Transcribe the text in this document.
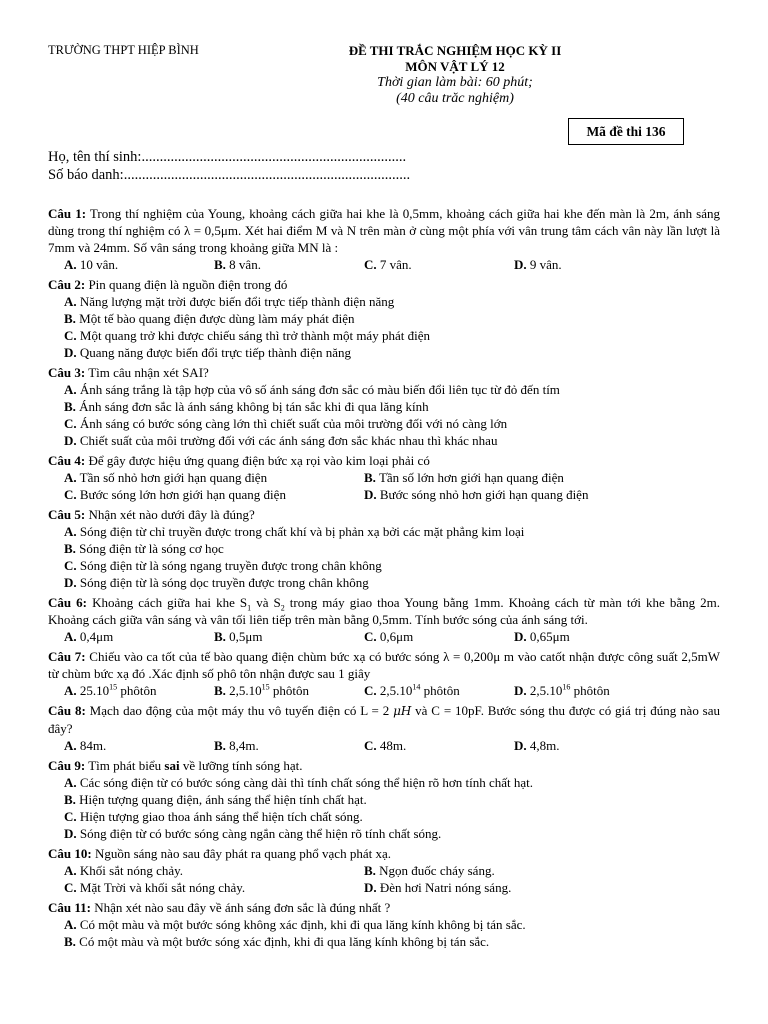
TRƯỜNG THPT HIỆP BÌNH	ĐỀ THI TRẮC NGHIỆM HỌC KỲ II
MÔN VẬT LÝ 12
Thời gian làm bài: 60 phút;
(40 câu trăc nghiệm)
Mã đề thi 136
Họ, tên thí sinh:.........................................................................
Số báo danh:...............................................................................
Câu 1: Trong thí nghiệm của Young, khoảng cách giữa hai khe là 0,5mm, khoảng cách giữa hai khe đến màn là 2m, ánh sáng dùng trong thí nghiệm có λ = 0,5μm. Xét hai điểm M và N trên màn ở cùng một phía với vân trung tâm cách vân này lần lượt là 7mm và 24mm. Số vân sáng trong khoảng giữa MN là :
A. 10 vân.	B. 8 vân.	C. 7 vân.	D. 9 vân.
Câu 2: Pin quang điện là nguồn điện trong đó
A. Năng lượng mặt trời được biến đổi trực tiếp thành điện năng
B. Một tế bào quang điện được dùng làm máy phát điện
C. Một quang trở khi được chiếu sáng thì trở thành một máy phát điện
D. Quang năng được biến đổi trực tiếp thành điện năng
Câu 3: Tìm câu nhận xét SAI?
A. Ánh sáng trắng là tập hợp của vô số ánh sáng đơn sắc có màu biến đổi liên tục từ đỏ đến tím
B. Ánh sáng đơn sắc là ánh sáng không bị tán sắc khi đi qua lăng kính
C. Ánh sáng có bước sóng càng lớn thì chiết suất của môi trường đối với nó càng lớn
D. Chiết suất của môi trường đối với các ánh sáng đơn sắc khác nhau thì khác nhau
Câu 4: Để gây được hiệu ứng quang điện bức xạ rọi vào kim loại phải có
A. Tần số nhỏ hơn giới hạn quang điện	B. Tần số lớn hơn giới hạn quang điện
C. Bước sóng lớn hơn giới hạn quang điện	D. Bước sóng nhỏ hơn giới hạn quang điện
Câu 5: Nhận xét nào dưới đây là đúng?
A. Sóng điện từ chỉ truyền được trong chất khí và bị phản xạ bởi các mặt phẳng kim loại
B. Sóng điện từ là sóng cơ học
C. Sóng điện từ là sóng ngang truyền được trong chân không
D. Sóng điện từ là sóng dọc truyền được trong chân không
Câu 6: Khoảng cách giữa hai khe $S_1$ và $S_2$ trong máy giao thoa Young bằng 1mm. Khoảng cách từ màn tới khe bằng 2m. Khoảng cách giữa vân sáng và vân tối liên tiếp trên màn bằng 0,5mm. Tính bước sóng của ánh sáng tới.
A. 0,4μm	B. 0,5μm	C. 0,6μm	D. 0,65μm
Câu 7: Chiếu vào ca tốt của tế bào quang điện chùm bức xạ có bước sóng λ = 0,200μ m vào catốt nhận được công suất 2,5mW từ chùm bức xạ đó .Xác định số phô tôn nhận được sau 1 giây
A. 25.10$^{15}$ phôtôn	B. 2,5.10$^{15}$ phôtôn	C. 2,5.10$^{14}$ phôtôn	D. 2,5.10$^{16}$ phôtôn
Câu 8: Mạch dao động của một máy thu vô tuyến điện có L = 2 μH và C = 10pF. Bước sóng thu được có giá trị đúng nào sau đây?
A. 84m.	B. 8,4m.	C. 48m.	D. 4,8m.
Câu 9: Tìm phát biểu sai về lưỡng tính sóng hạt.
A. Các sóng điện từ có bước sóng càng dài thì tính chất sóng thể hiện rõ hơn tính chất hạt.
B. Hiện tượng quang điện, ánh sáng thể hiện tính chất hạt.
C. Hiện tượng giao thoa ánh sáng thể hiện tích chất sóng.
D. Sóng điện từ có bước sóng càng ngắn càng thể hiện rõ tính chất sóng.
Câu 10: Nguồn sáng nào sau đây phát ra quang phổ vạch phát xạ.
A. Khối sắt nóng chảy.	B. Ngọn đuốc cháy sáng.
C. Mặt Trời và khối sắt nóng chảy.	D. Đèn hơi Natri nóng sáng.
Câu 11: Nhận xét nào sau đây về ánh sáng đơn sắc là đúng nhất ?
A. Có một màu và một bước sóng không xác định, khi đi qua lăng kính không bị tán sắc.
B. Có một màu và một bước sóng xác định, khi đi qua lăng kính không bị tán sắc.
